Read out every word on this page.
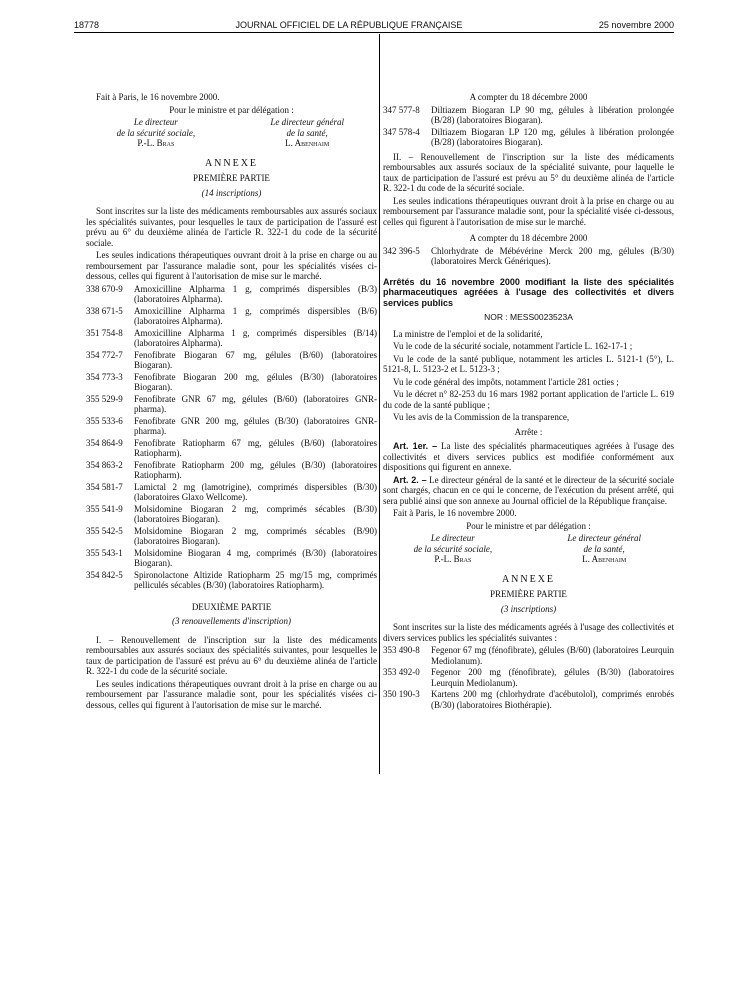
18778	JOURNAL OFFICIEL DE LA RÉPUBLIQUE FRANÇAISE	25 novembre 2000

Fait à Paris, le 16 novembre 2000.

Pour le ministre et par délégation :

Le directeur
de la sécurité sociale,
P.-L. Bras
Le directeur général
de la santé,
L. Abenhaim
ANNEXE
PREMIÈRE PARTIE
(14 inscriptions)

Sont inscrites sur la liste des médicaments remboursables aux assurés sociaux les spécialités suivantes, pour lesquelles le taux de participation de l'assuré est prévu au 6° du deuxième alinéa de l'article R. 322-1 du code de la sécurité sociale.

Les seules indications thérapeutiques ouvrant droit à la prise en charge ou au remboursement par l'assurance maladie sont, pour les spécialités visées ci-dessous, celles qui figurent à l'autorisation de mise sur le marché.

338 670-9	Amoxicilline Alpharma 1 g, comprimés dispersibles (B/3) (laboratoires Alpharma).
338 671-5	Amoxicilline Alpharma 1 g, comprimés dispersibles (B/6) (laboratoires Alpharma).
351 754-8	Amoxicilline Alpharma 1 g, comprimés dispersibles (B/14) (laboratoires Alpharma).
354 772-7	Fenofibrate Biogaran 67 mg, gélules (B/60) (laboratoires Biogaran).
354 773-3	Fenofibrate Biogaran 200 mg, gélules (B/30) (laboratoires Biogaran).
355 529-9	Fenofibrate GNR 67 mg, gélules (B/60) (laboratoires GNR-pharma).
355 533-6	Fenofibrate GNR 200 mg, gélules (B/30) (laboratoires GNR-pharma).
354 864-9	Fenofibrate Ratiopharm 67 mg, gélules (B/60) (laboratoires Ratiopharm).
354 863-2	Fenofibrate Ratiopharm 200 mg, gélules (B/30) (laboratoires Ratiopharm).
354 581-7	Lamictal 2 mg (lamotrigine), comprimés dispersibles (B/30) (laboratoires Glaxo Wellcome).
355 541-9	Molsidomine Biogaran 2 mg, comprimés sécables (B/30) (laboratoires Biogaran).
355 542-5	Molsidomine Biogaran 2 mg, comprimés sécables (B/90) (laboratoires Biogaran).
355 543-1	Molsidomine Biogaran 4 mg, comprimés (B/30) (laboratoires Biogaran).
354 842-5	Spironolactone Altizide Ratiopharm 25 mg/15 mg, comprimés pelliculés sécables (B/30) (laboratoires Ratiopharm).
DEUXIÈME PARTIE
(3 renouvellements d'inscription)

I. – Renouvellement de l'inscription sur la liste des médicaments remboursables aux assurés sociaux des spécialités suivantes, pour lesquelles le taux de participation de l'assuré est prévu au 6° du deuxième alinéa de l'article R. 322-1 du code de la sécurité sociale.

Les seules indications thérapeutiques ouvrant droit à la prise en charge ou au remboursement par l'assurance maladie sont, pour les spécialités visées ci-dessous, celles qui figurent à l'autorisation de mise sur le marché.

A compter du 18 décembre 2000

347 577-8	Diltiazem Biogaran LP 90 mg, gélules à libération prolongée (B/28) (laboratoires Biogaran).
347 578-4	Diltiazem Biogaran LP 120 mg, gélules à libération prolongée (B/28) (laboratoires Biogaran).

II. – Renouvellement de l'inscription sur la liste des médicaments remboursables aux assurés sociaux de la spécialité suivante, pour laquelle le taux de participation de l'assuré est prévu au 5° du deuxième alinéa de l'article R. 322-1 du code de la sécurité sociale.

Les seules indications thérapeutiques ouvrant droit à la prise en charge ou au remboursement par l'assurance maladie sont, pour la spécialité visée ci-dessous, celles qui figurent à l'autorisation de mise sur le marché.

A compter du 18 décembre 2000

342 396-5	Chlorhydrate de Mébévérine Merck 200 mg, gélules (B/30) (laboratoires Merck Génériques).
Arrêtés du 16 novembre 2000 modifiant la liste des spécialités pharmaceutiques agréées à l'usage des collectivités et divers services publics
NOR : MESS0023523A

La ministre de l'emploi et de la solidarité,

Vu le code de la sécurité sociale, notamment l'article L. 162-17-1 ;

Vu le code de la santé publique, notamment les articles L. 5121-1 (5°), L. 5121-8, L. 5123-2 et L. 5123-3 ;

Vu le code général des impôts, notamment l'article 281 octies ;

Vu le décret n° 82-253 du 16 mars 1982 portant application de l'article L. 619 du code de la santé publique ;

Vu les avis de la Commission de la transparence,

Arrête :

Art. 1er. – La liste des spécialités pharmaceutiques agréées à l'usage des collectivités et divers services publics est modifiée conformément aux dispositions qui figurent en annexe.

Art. 2. – Le directeur général de la santé et le directeur de la sécurité sociale sont chargés, chacun en ce qui le concerne, de l'exécution du présent arrêté, qui sera publié ainsi que son annexe au Journal officiel de la République française.

Fait à Paris, le 16 novembre 2000.

Pour le ministre et par délégation :

Le directeur
de la sécurité sociale,
P.-L. Bras
Le directeur général
de la santé,
L. Abenhaim
ANNEXE
PREMIÈRE PARTIE
(3 inscriptions)

Sont inscrites sur la liste des médicaments agréés à l'usage des collectivités et divers services publics les spécialités suivantes :

353 490-8	Fegenor 67 mg (fénofibrate), gélules (B/60) (laboratoires Leurquin Mediolanum).
353 492-0	Fegenor 200 mg (fénofibrate), gélules (B/30) (laboratoires Leurquin Mediolanum).
350 190-3	Kartens 200 mg (chlorhydrate d'acébutolol), comprimés enrobés (B/30) (laboratoires Biothérapie).
